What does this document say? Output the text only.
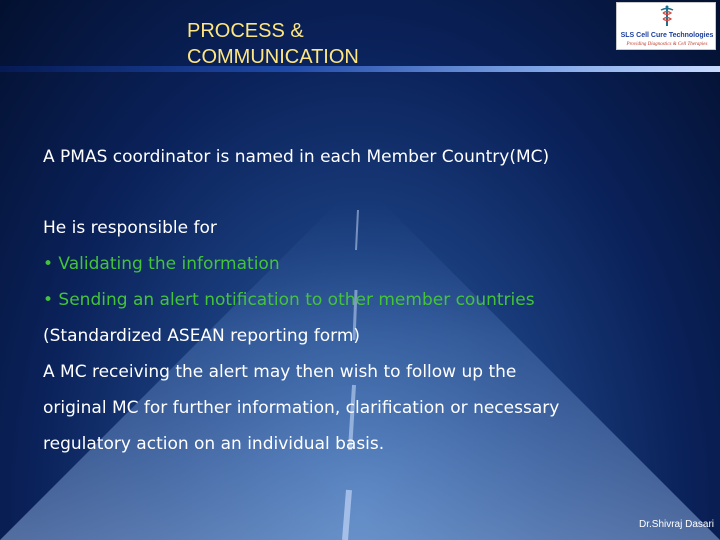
PROCESS &
COMMUNICATION
SLS Cell Cure Technologies
Providing Diagnostics & Cell Therapies
A PMAS coordinator is named in each Member Country(MC)
He is responsible for
• Validating the information
• Sending an alert notification to other member countries
(Standardized ASEAN reporting form)
A MC receiving the alert may then wish to follow up the
original MC for further information, clarification or necessary
regulatory action on an individual basis.
Dr.Shivraj Dasari
